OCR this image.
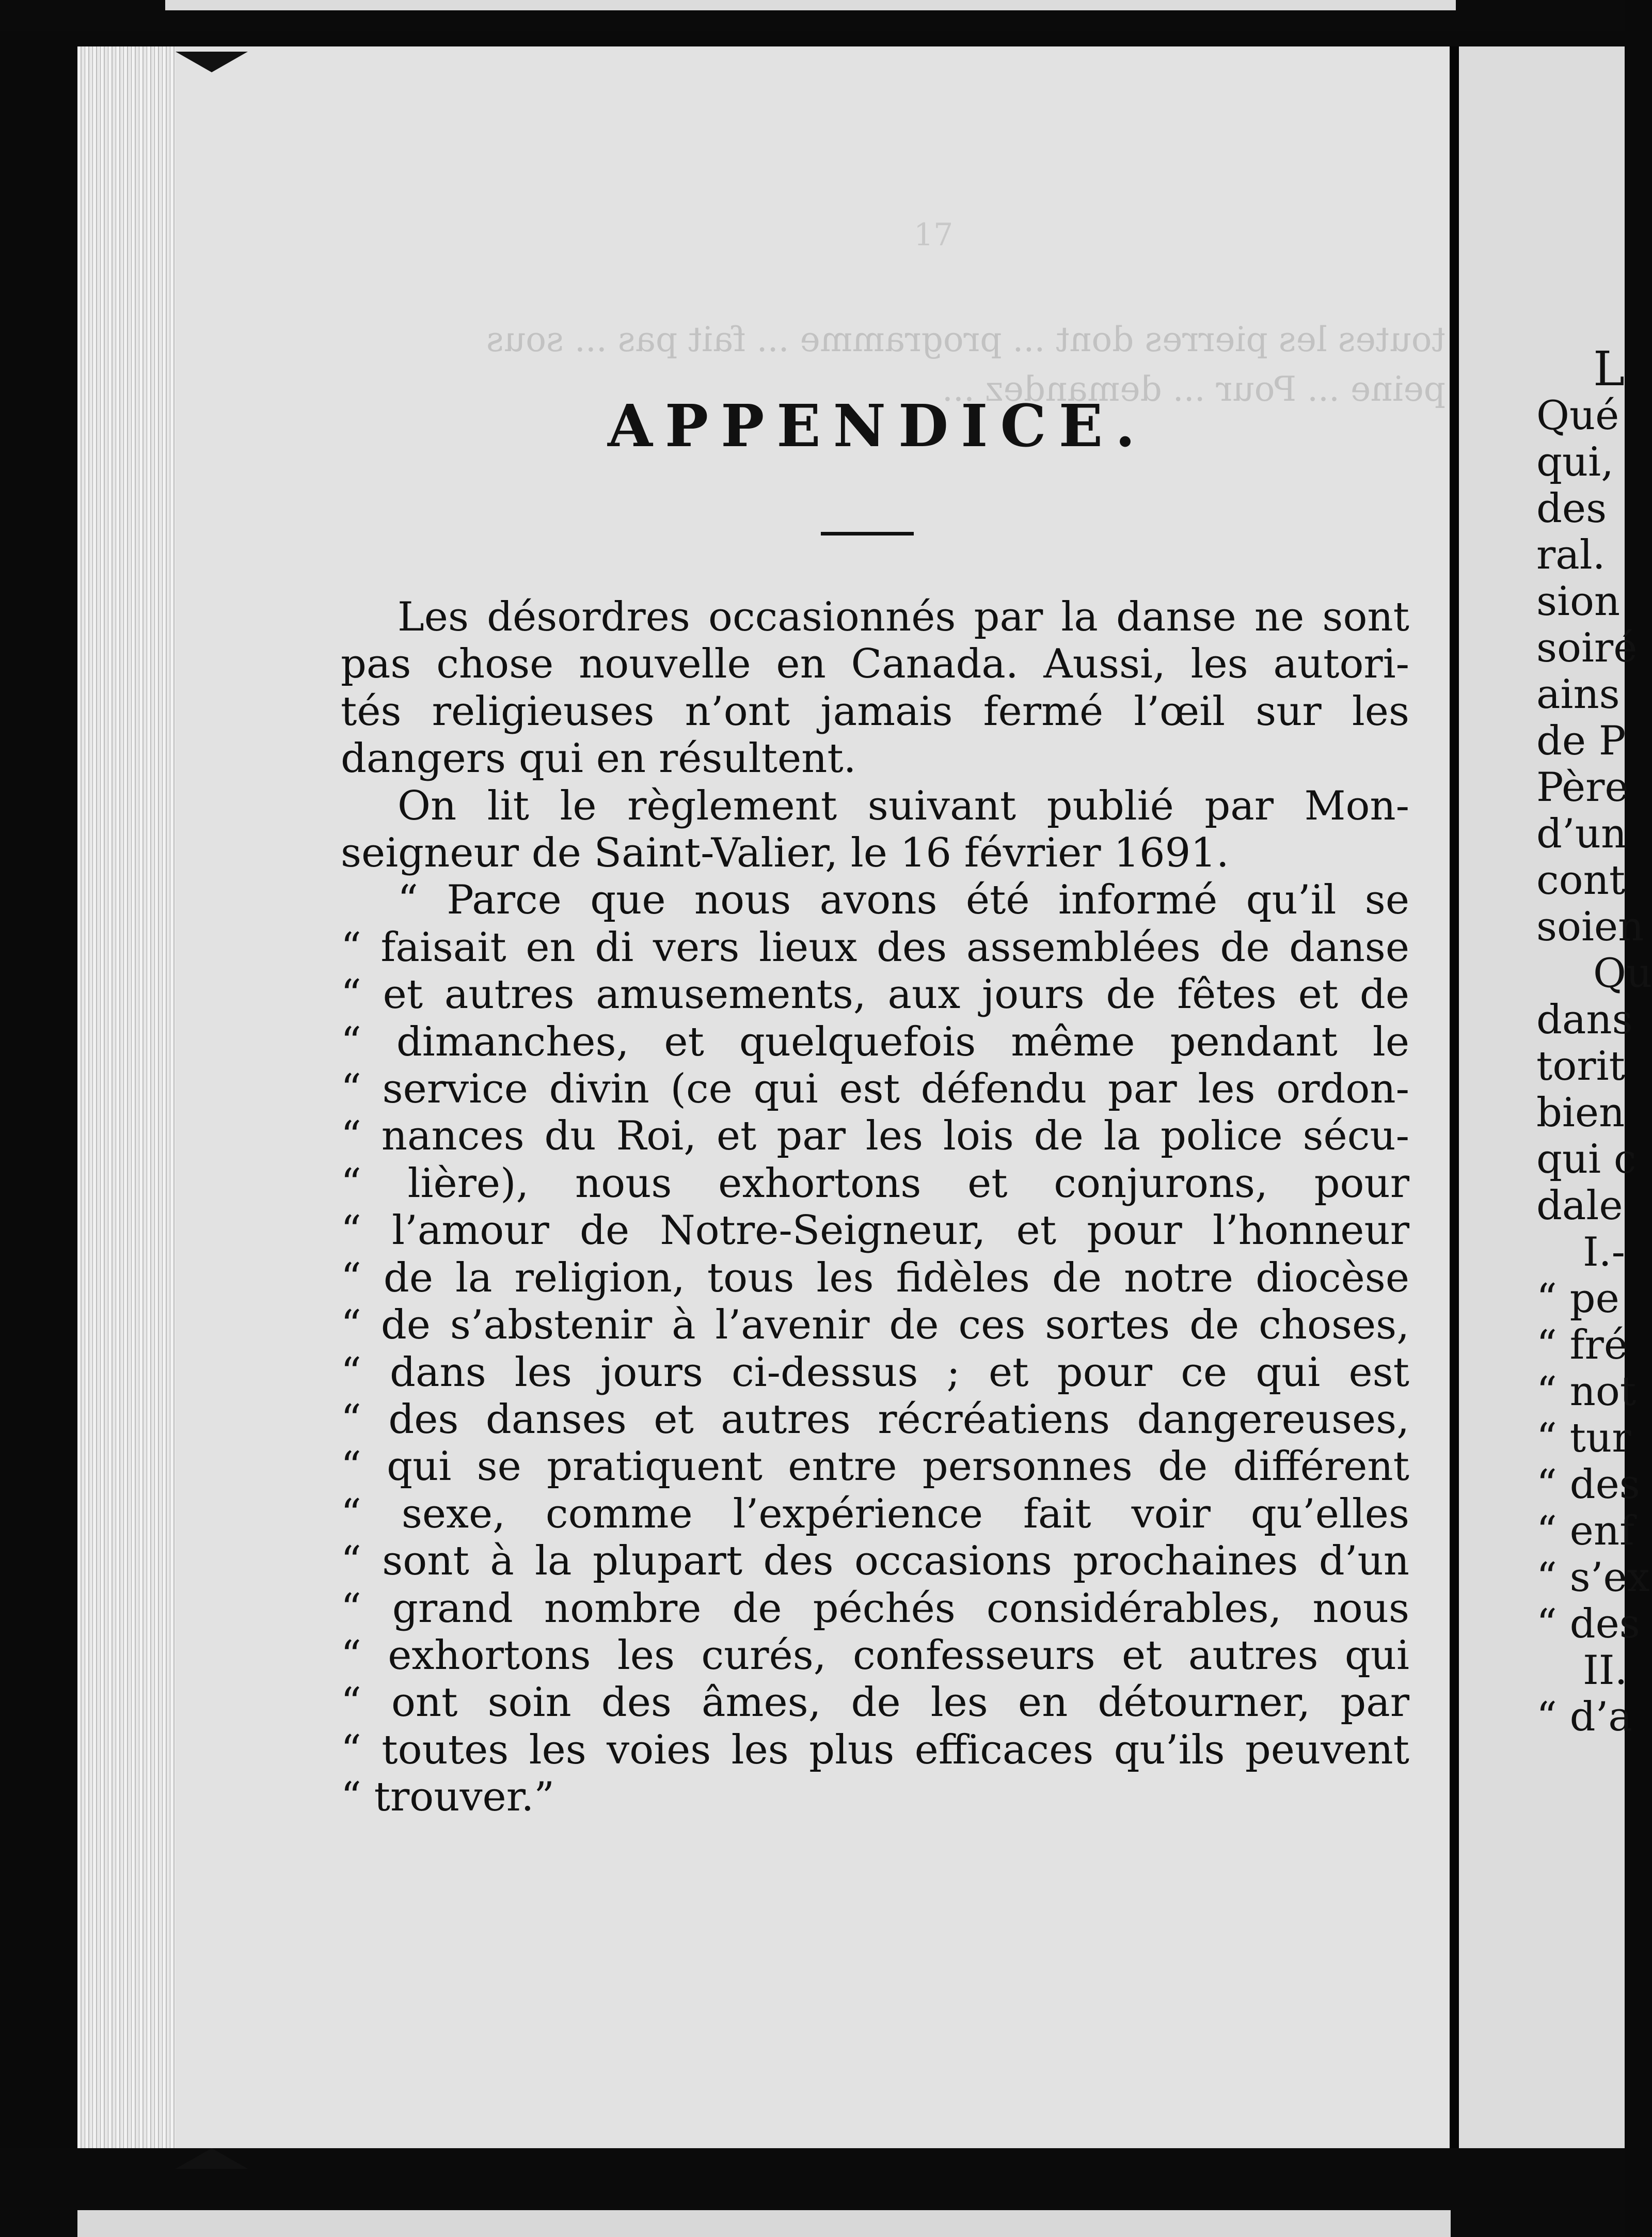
17
toutes les pierres dont ... programme ... fait pas ... sous peine ... Pour ... demandez ...
APPENDICE.
Les désordres occasionnés par la danse ne sont
pas chose nouvelle en Canada. Aussi, les autori-
tés religieuses n’ont jamais fermé l’œil sur les
dangers qui en résultent.
On lit le règlement suivant publié par Mon-
seigneur de Saint-Valier, le 16 février 1691.
“ Parce que nous avons été informé qu’il se
“ faisait en di vers lieux des assemblées de danse
“ et autres amusements, aux jours de fêtes et de
“ dimanches, et quelquefois même pendant le
“ service divin (ce qui est défendu par les ordon-
“ nances du Roi, et par les lois de la police sécu-
“ lière), nous exhortons et conjurons, pour
“ l’amour de Notre-Seigneur, et pour l’honneur
“ de la religion, tous les fidèles de notre diocèse
“ de s’abstenir à l’avenir de ces sortes de choses,
“ dans les jours ci-dessus ; et pour ce qui est
“ des danses et autres récréatiens dangereuses,
“ qui se pratiquent entre personnes de différent
“ sexe, comme l’expérience fait voir qu’elles
“ sont à la plupart des occasions prochaines d’un
“ grand nombre de péchés considérables, nous
“ exhortons les curés, confesseurs et autres qui
“ ont soin des âmes, de les en détourner, par
“ toutes les voies les plus efficaces qu’ils peuvent
“ trouver.”
L
Qué
qui,
des
ral.
sion
soiré
ains
de P
Père
d’un
cont
soien
Qu
dans
torit
bien
qui c
dale
I.-
“ pe
“ fré
“ not
“ tur
“ des
“ enf
“ s’ex
“ des
II.
“ d’a
